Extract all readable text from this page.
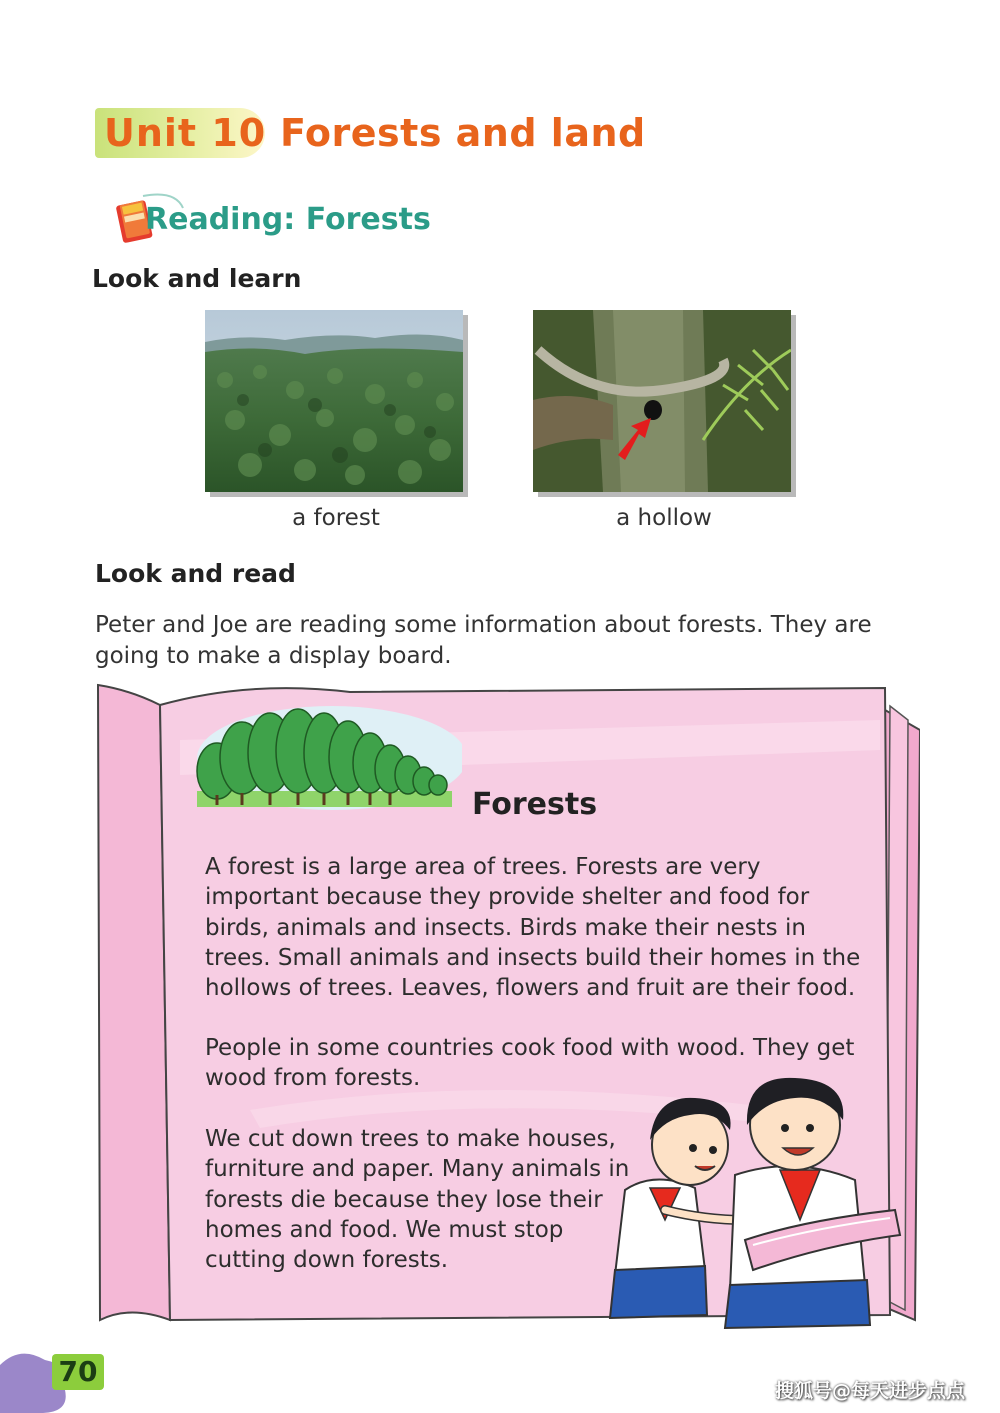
Unit 10 Forests and land
Reading: Forests
Look and learn
a forest	a hollow
Look and read
Peter and Joe are reading some information about forests. They are going to make a display board.
Forests
A forest is a large area of trees. Forests are very important because they provide shelter and food for birds, animals and insects. Birds make their nests in trees. Small animals and insects build their homes in the hollows of trees. Leaves, flowers and fruit are their food.
People in some countries cook food with wood. They get wood from forests.
We cut down trees to make houses, furniture and paper. Many animals in forests die because they lose their homes and food. We must stop cutting down forests.
70
搜狐号@每天进步点点
